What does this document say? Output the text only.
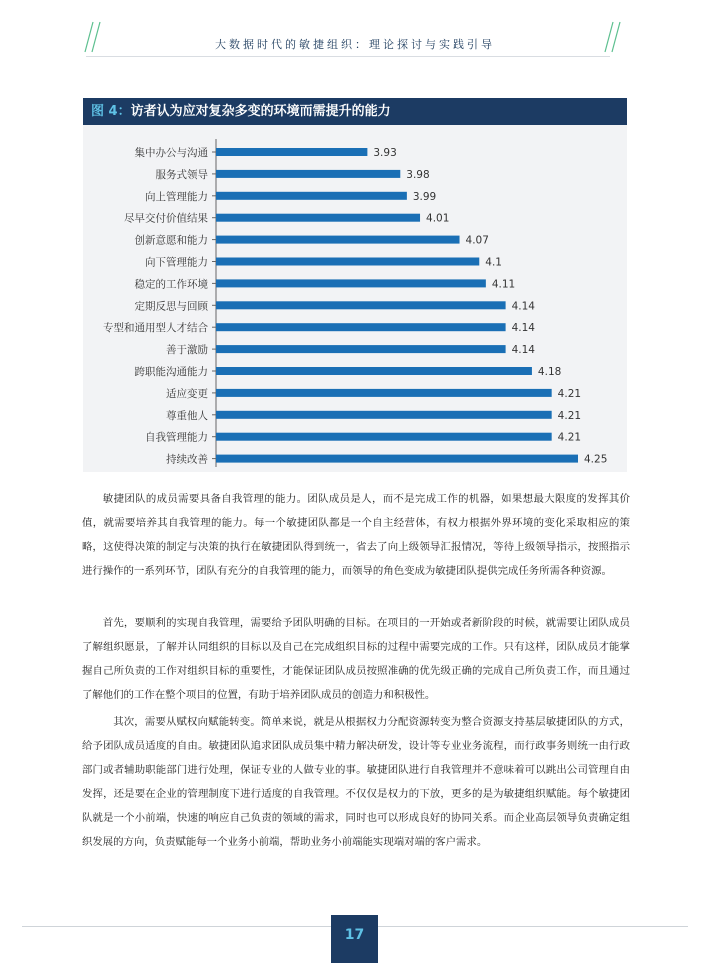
大数据时代的敏捷组织：理论探讨与实践引导
图 4：访者认为应对复杂多变的环境而需提升的能力
集中办公与沟通	3.93
服务式领导	3.98
向上管理能力	3.99
尽早交付价值结果	4.01
创新意愿和能力	4.07
向下管理能力	4.1
稳定的工作环境	4.11
定期反思与回顾	4.14
专型和通用型人才结合	4.14
善于激励	4.14
跨职能沟通能力	4.18
适应变更	4.21
尊重他人	4.21
自我管理能力	4.21
持续改善	4.25

敏捷团队的成员需要具备自我管理的能力。团队成员是人，而不是完成工作的机器，如果想最大限度的发挥其价值，就需要培养其自我管理的能力。每一个敏捷团队都是一个自主经营体，有权力根据外界环境的变化采取相应的策略，这使得决策的制定与决策的执行在敏捷团队得到统一，省去了向上级领导汇报情况，等待上级领导指示，按照指示进行操作的一系列环节，团队有充分的自我管理的能力，而领导的角色变成为敏捷团队提供完成任务所需各种资源。

首先，要顺利的实现自我管理，需要给予团队明确的目标。在项目的一开始或者新阶段的时候，就需要让团队成员了解组织愿景，了解并认同组织的目标以及自己在完成组织目标的过程中需要完成的工作。只有这样，团队成员才能掌握自己所负责的工作对组织目标的重要性，才能保证团队成员按照准确的优先级正确的完成自己所负责工作，而且通过了解他们的工作在整个项目的位置，有助于培养团队成员的创造力和积极性。

其次，需要从赋权向赋能转变。简单来说，就是从根据权力分配资源转变为整合资源支持基层敏捷团队的方式，给予团队成员适度的自由。敏捷团队追求团队成员集中精力解决研发，设计等专业业务流程，而行政事务则统一由行政部门或者辅助职能部门进行处理，保证专业的人做专业的事。敏捷团队进行自我管理并不意味着可以跳出公司管理自由发挥，还是要在企业的管理制度下进行适度的自我管理。不仅仅是权力的下放，更多的是为敏捷组织赋能。每个敏捷团队就是一个小前端，快速的响应自己负责的领域的需求，同时也可以形成良好的协同关系。而企业高层领导负责确定组织发展的方向，负责赋能每一个业务小前端，帮助业务小前端能实现端对端的客户需求。

17
